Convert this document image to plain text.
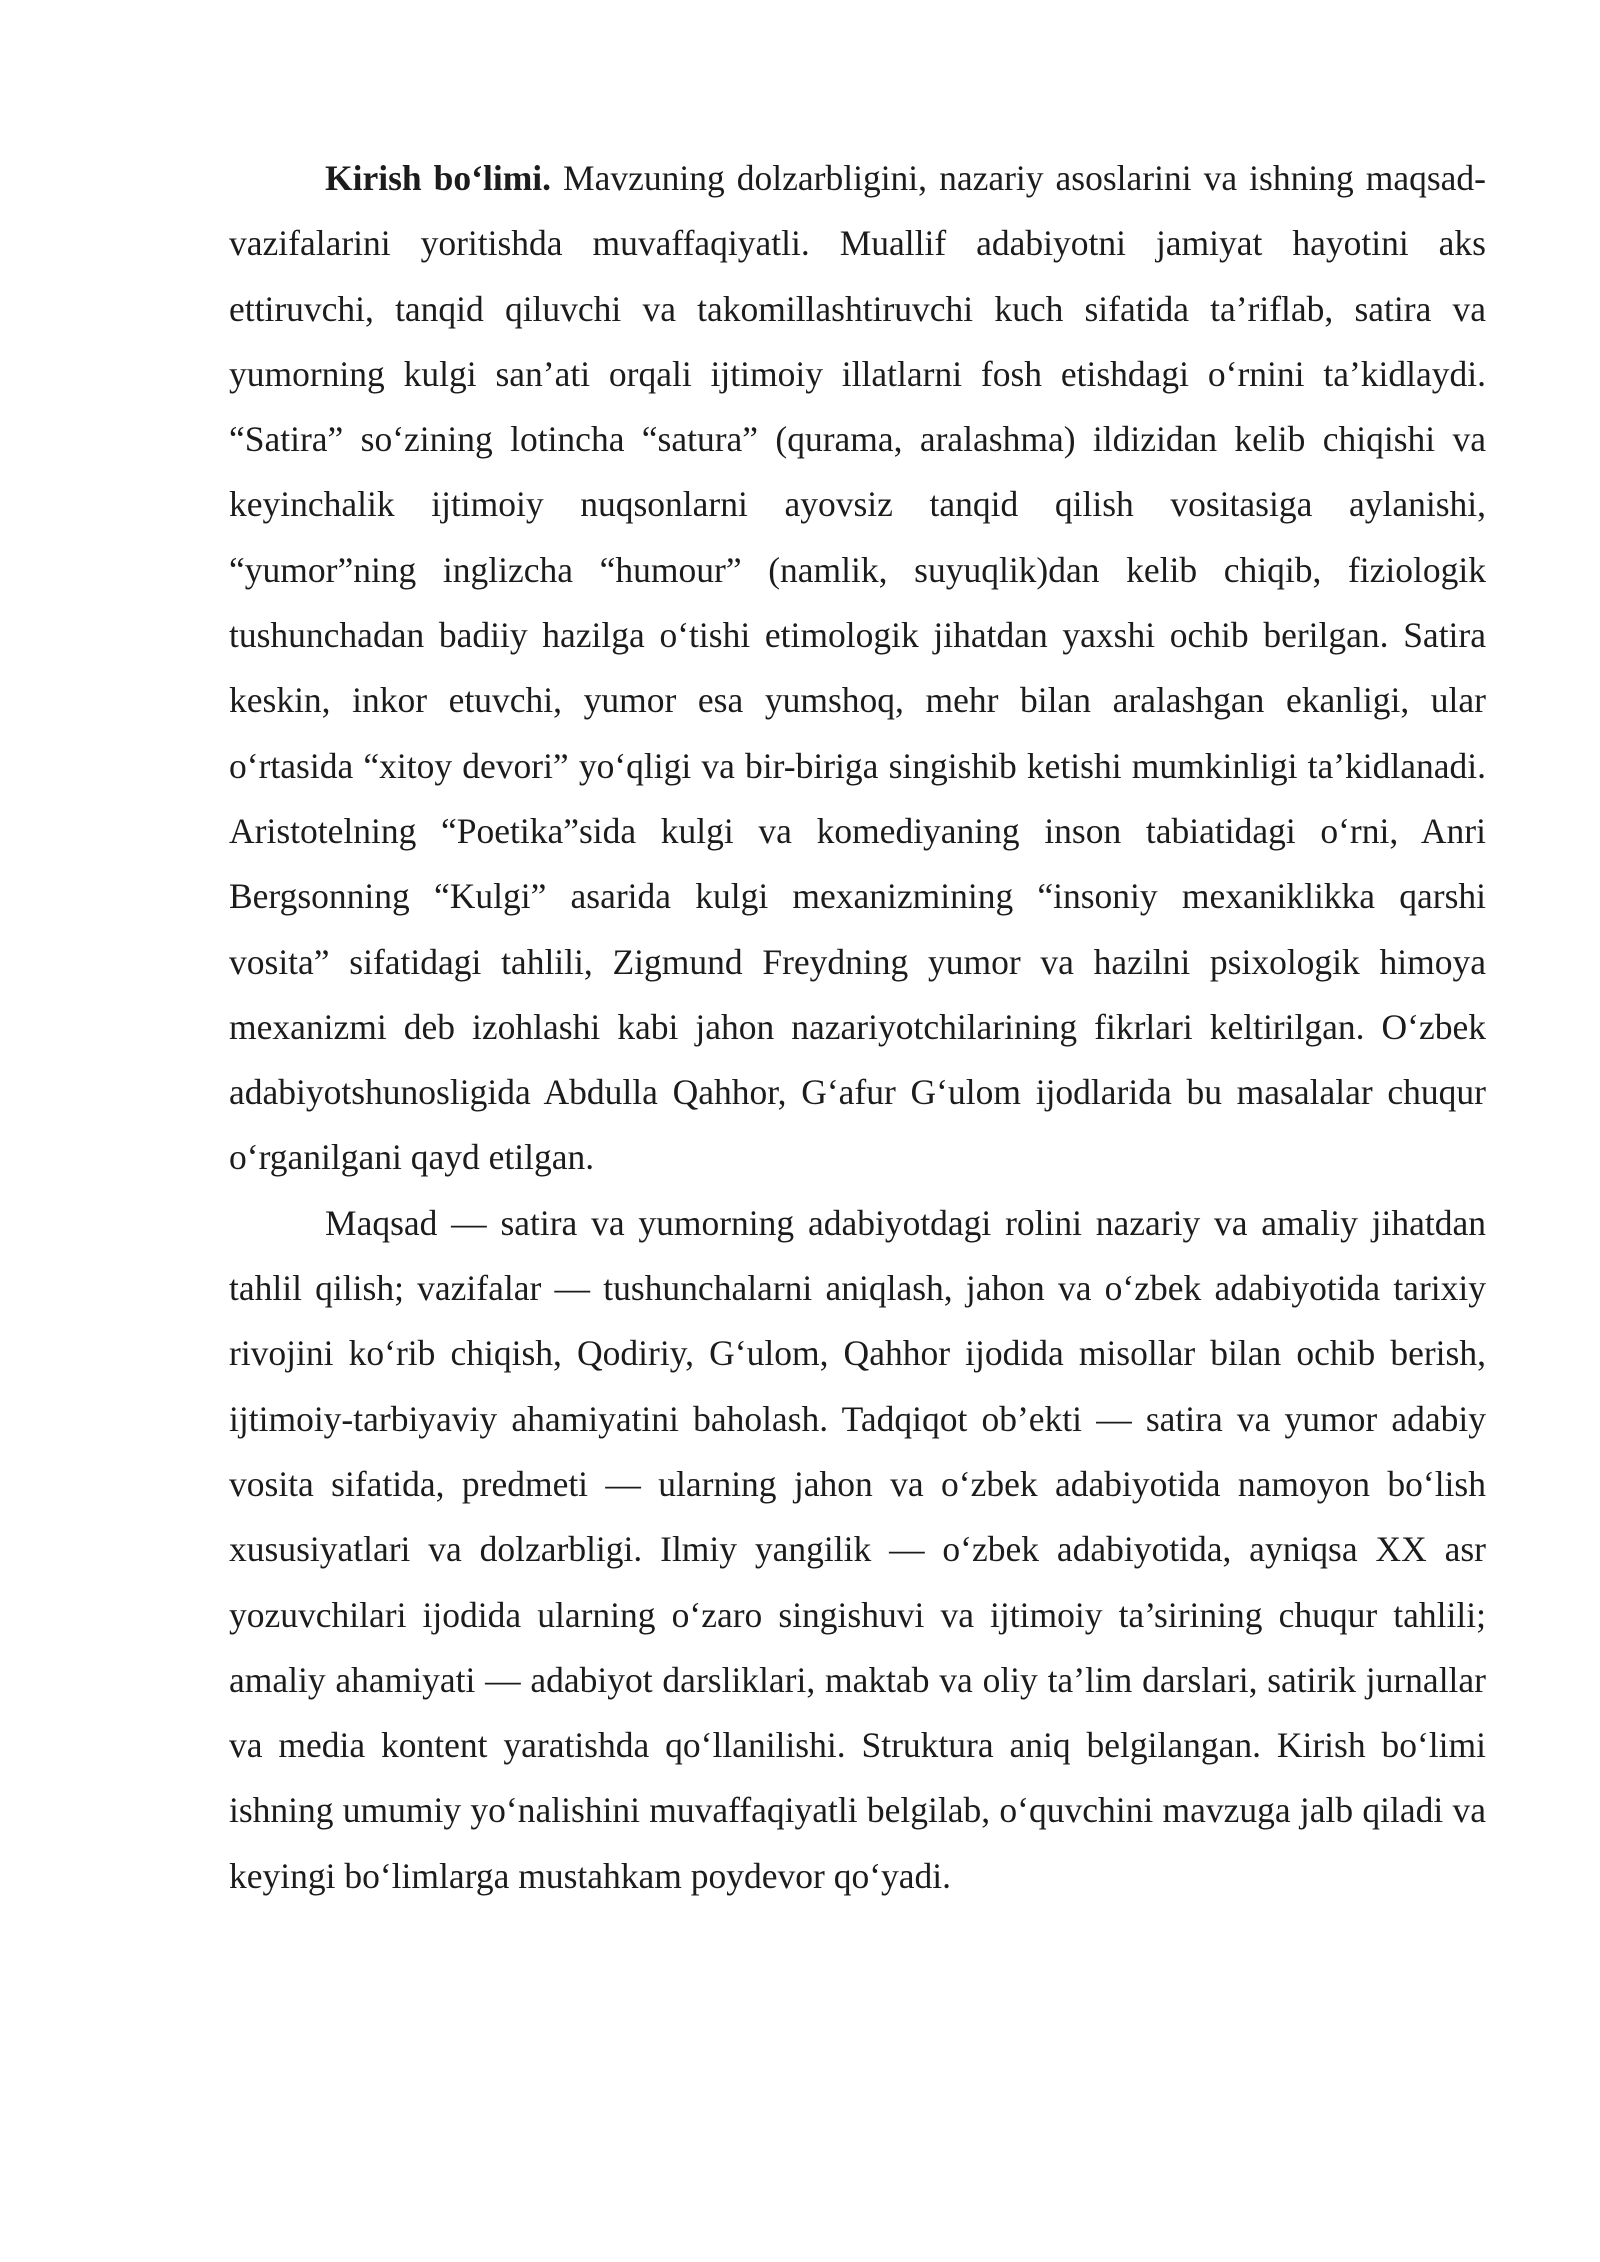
Kirish bo‘limi. Mavzuning dolzarbligini, nazariy asoslarini va ishning maqsad-vazifalarini yoritishda muvaffaqiyatli. Muallif adabiyotni jamiyat hayotini aks ettiruvchi, tanqid qiluvchi va takomillashtiruvchi kuch sifatida ta’riflab, satira va yumorning kulgi san’ati orqali ijtimoiy illatlarni fosh etishdagi o‘rnini ta’kidlaydi. “Satira” so‘zining lotincha “satura” (qurama, aralashma) ildizidan kelib chiqishi va keyinchalik ijtimoiy nuqsonlarni ayovsiz tanqid qilish vositasiga aylanishi, “yumor”ning inglizcha “humour” (namlik, suyuqlik)dan kelib chiqib, fiziologik tushunchadan badiiy hazilga o‘tishi etimologik jihatdan yaxshi ochib berilgan. Satira keskin, inkor etuvchi, yumor esa yumshoq, mehr bilan aralashgan ekanligi, ular o‘rtasida “xitoy devori” yo‘qligi va bir-biriga singishib ketishi mumkinligi ta’kidlanadi. Aristotelning “Poetika”sida kulgi va komediyaning inson tabiatidagi o‘rni, Anri Bergsonning “Kulgi” asarida kulgi mexanizmining “insoniy mexaniklikka qarshi vosita” sifatidagi tahlili, Zigmund Freydning yumor va hazilni psixologik himoya mexanizmi deb izohlashi kabi jahon nazariyotchilarining fikrlari keltirilgan. O‘zbek adabiyotshunosligida Abdulla Qahhor, G‘afur G‘ulom ijodlarida bu masalalar chuqur o‘rganilgani qayd etilgan.

Maqsad — satira va yumorning adabiyotdagi rolini nazariy va amaliy jihatdan tahlil qilish; vazifalar — tushunchalarni aniqlash, jahon va o‘zbek adabiyotida tarixiy rivojini ko‘rib chiqish, Qodiriy, G‘ulom, Qahhor ijodida misollar bilan ochib berish, ijtimoiy-tarbiyaviy ahamiyatini baholash. Tadqiqot ob’ekti — satira va yumor adabiy vosita sifatida, predmeti — ularning jahon va o‘zbek adabiyotida namoyon bo‘lish xususiyatlari va dolzarbligi. Ilmiy yangilik — o‘zbek adabiyotida, ayniqsa XX asr yozuvchilari ijodida ularning o‘zaro singishuvi va ijtimoiy ta’sirining chuqur tahlili; amaliy ahamiyati — adabiyot darsliklari, maktab va oliy ta’lim darslari, satirik jurnallar va media kontent yaratishda qo‘llanilishi. Struktura aniq belgilangan. Kirish bo‘limi ishning umumiy yo‘nalishini muvaffaqiyatli belgilab, o‘quvchini mavzuga jalb qiladi va keyingi bo‘limlarga mustahkam poydevor qo‘yadi.
